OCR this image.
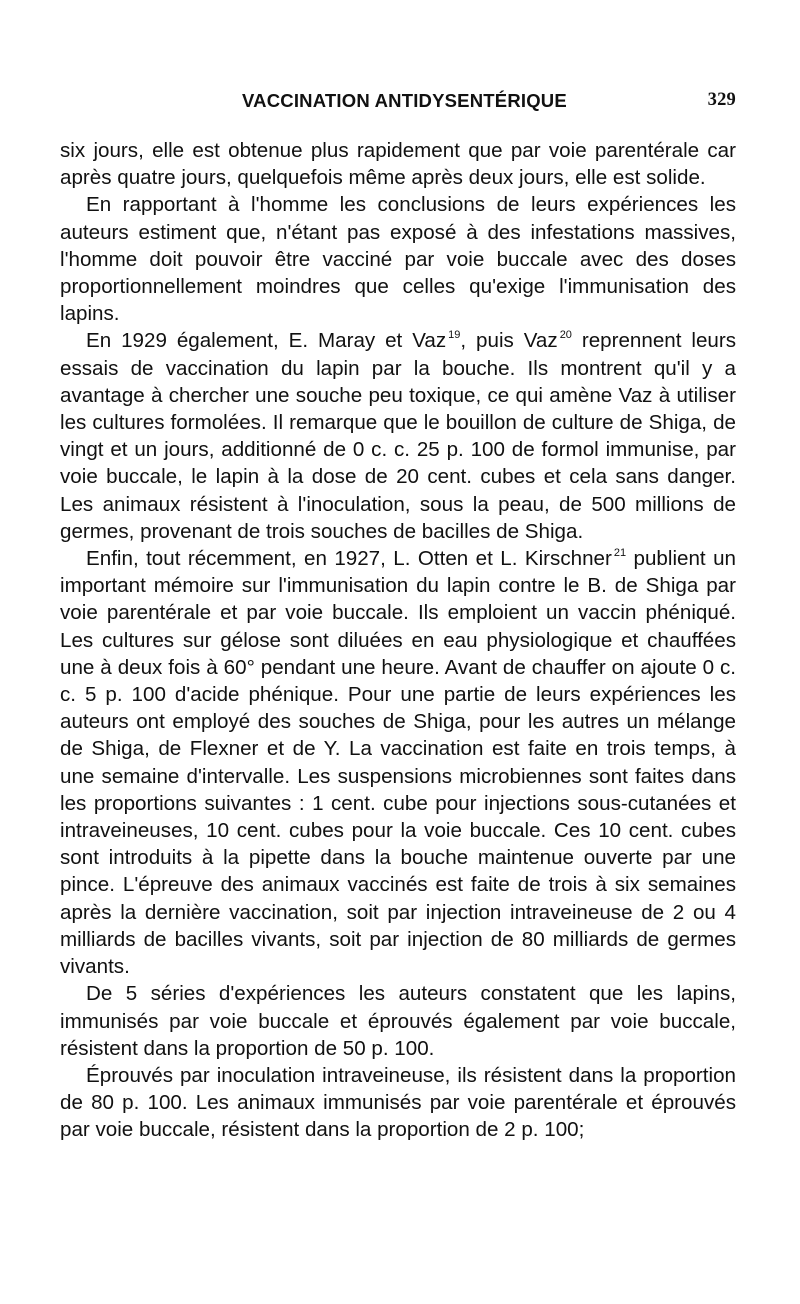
VACCINATION ANTIDYSENTÉRIQUE	329

six jours, elle est obtenue plus rapidement que par voie parentérale car après quatre jours, quelquefois même après deux jours, elle est solide.

En rapportant à l'homme les conclusions de leurs expériences les auteurs estiment que, n'étant pas exposé à des infestations massives, l'homme doit pouvoir être vacciné par voie buccale avec des doses proportionnellement moindres que celles qu'exige l'immunisation des lapins.

En 1929 également, E. Maray et Vaz $^{19}$, puis Vaz $^{20}$ reprennent leurs essais de vaccination du lapin par la bouche. Ils montrent qu'il y a avantage à chercher une souche peu toxique, ce qui amène Vaz à utiliser les cultures formolées. Il remarque que le bouillon de culture de Shiga, de vingt et un jours, additionné de 0 c. c. 25 p. 100 de formol immunise, par voie buccale, le lapin à la dose de 20 cent. cubes et cela sans danger. Les animaux résistent à l'inoculation, sous la peau, de 500 millions de germes, provenant de trois souches de bacilles de Shiga.

Enfin, tout récemment, en 1927, L. Otten et L. Kirschner $^{21}$ publient un important mémoire sur l'immunisation du lapin contre le B. de Shiga par voie parentérale et par voie buccale. Ils emploient un vaccin phéniqué. Les cultures sur gélose sont diluées en eau physiologique et chauffées une à deux fois à 60° pendant une heure. Avant de chauffer on ajoute 0 c. c. 5 p. 100 d'acide phénique. Pour une partie de leurs expériences les auteurs ont employé des souches de Shiga, pour les autres un mélange de Shiga, de Flexner et de Y. La vaccination est faite en trois temps, à une semaine d'intervalle. Les suspensions microbiennes sont faites dans les proportions suivantes : 1 cent. cube pour injections sous-cutanées et intraveineuses, 10 cent. cubes pour la voie buccale. Ces 10 cent. cubes sont introduits à la pipette dans la bouche maintenue ouverte par une pince. L'épreuve des animaux vaccinés est faite de trois à six semaines après la dernière vaccination, soit par injection intraveineuse de 2 ou 4 milliards de bacilles vivants, soit par injection de 80 milliards de germes vivants.

De 5 séries d'expériences les auteurs constatent que les lapins, immunisés par voie buccale et éprouvés également par voie buccale, résistent dans la proportion de 50 p. 100.

Éprouvés par inoculation intraveineuse, ils résistent dans la proportion de 80 p. 100. Les animaux immunisés par voie parentérale et éprouvés par voie buccale, résistent dans la proportion de 2 p. 100;
